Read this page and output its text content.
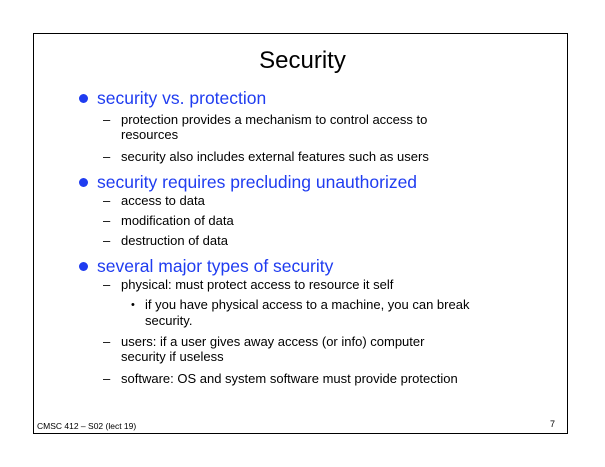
Security
security vs. protection
– protection provides a mechanism to control access to
resources
– security also includes external features such as users
security requires precluding unauthorized
– access to data
– modification of data
– destruction of data
several major types of security
– physical: must protect access to resource it self
• if you have physical access to a machine, you can break
security.
– users: if a user gives away access (or info) computer
security if useless
– software: OS and system software must provide protection
CMSC 412 – S02 (lect 19)	7
